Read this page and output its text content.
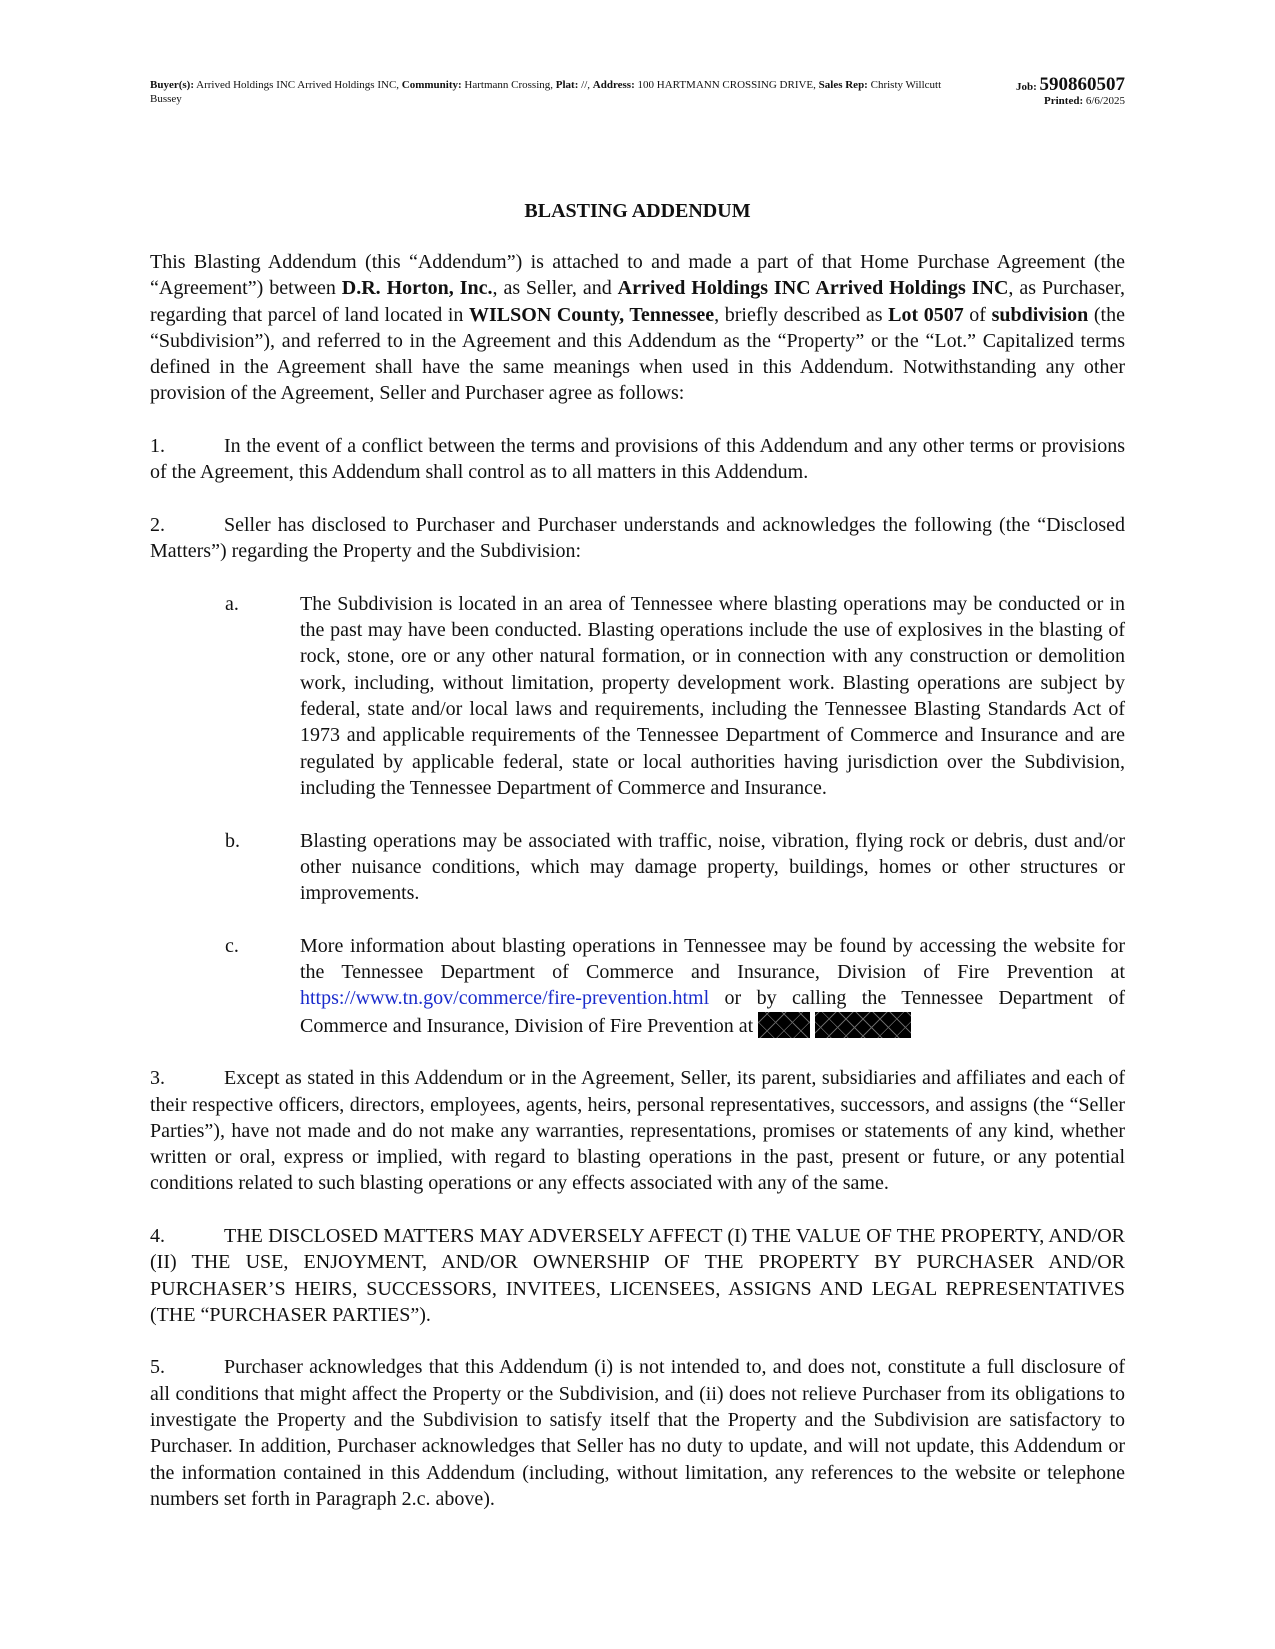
Buyer(s): Arrived Holdings INC Arrived Holdings INC, Community: Hartmann Crossing, Plat: //, Address: 100 HARTMANN CROSSING DRIVE, Sales Rep: Christy Willcutt Bussey
Job: 590860507
Printed: 6/6/2025
BLASTING ADDENDUM

This Blasting Addendum (this “Addendum”) is attached to and made a part of that Home Purchase Agreement (the “Agreement”) between D.R. Horton, Inc., as Seller, and Arrived Holdings INC Arrived Holdings INC, as Purchaser, regarding that parcel of land located in WILSON County, Tennessee, briefly described as Lot 0507 of subdivision (the “Subdivision”), and referred to in the Agreement and this Addendum as the “Property” or the “Lot.” Capitalized terms defined in the Agreement shall have the same meanings when used in this Addendum. Notwithstanding any other provision of the Agreement, Seller and Purchaser agree as follows:

1.	In the event of a conflict between the terms and provisions of this Addendum and any other terms or provisions of the Agreement, this Addendum shall control as to all matters in this Addendum.

2.	Seller has disclosed to Purchaser and Purchaser understands and acknowledges the following (the “Disclosed Matters”) regarding the Property and the Subdivision:

a.	The Subdivision is located in an area of Tennessee where blasting operations may be conducted or in the past may have been conducted. Blasting operations include the use of explosives in the blasting of rock, stone, ore or any other natural formation, or in connection with any construction or demolition work, including, without limitation, property development work. Blasting operations are subject by federal, state and/or local laws and requirements, including the Tennessee Blasting Standards Act of 1973 and applicable requirements of the Tennessee Department of Commerce and Insurance and are regulated by applicable federal, state or local authorities having jurisdiction over the Subdivision, including the Tennessee Department of Commerce and Insurance.
b.	Blasting operations may be associated with traffic, noise, vibration, flying rock or debris, dust and/or other nuisance conditions, which may damage property, buildings, homes or other structures or improvements.
c.	More information about blasting operations in Tennessee may be found by accessing the website for the Tennessee Department of Commerce and Insurance, Division of Fire Prevention at https://www.tn.gov/commerce/fire-prevention.html or by calling the Tennessee Department of Commerce and Insurance, Division of Fire Prevention at

3.	Except as stated in this Addendum or in the Agreement, Seller, its parent, subsidiaries and affiliates and each of their respective officers, directors, employees, agents, heirs, personal representatives, successors, and assigns (the “Seller Parties”), have not made and do not make any warranties, representations, promises or statements of any kind, whether written or oral, express or implied, with regard to blasting operations in the past, present or future, or any potential conditions related to such blasting operations or any effects associated with any of the same.

4.	THE DISCLOSED MATTERS MAY ADVERSELY AFFECT (I) THE VALUE OF THE PROPERTY, AND/OR (II) THE USE, ENJOYMENT, AND/OR OWNERSHIP OF THE PROPERTY BY PURCHASER AND/OR PURCHASER’S HEIRS, SUCCESSORS, INVITEES, LICENSEES, ASSIGNS AND LEGAL REPRESENTATIVES (THE “PURCHASER PARTIES”).

5.	Purchaser acknowledges that this Addendum (i) is not intended to, and does not, constitute a full disclosure of all conditions that might affect the Property or the Subdivision, and (ii) does not relieve Purchaser from its obligations to investigate the Property and the Subdivision to satisfy itself that the Property and the Subdivision are satisfactory to Purchaser. In addition, Purchaser acknowledges that Seller has no duty to update, and will not update, this Addendum or the information contained in this Addendum (including, without limitation, any references to the website or telephone numbers set forth in Paragraph 2.c. above).
